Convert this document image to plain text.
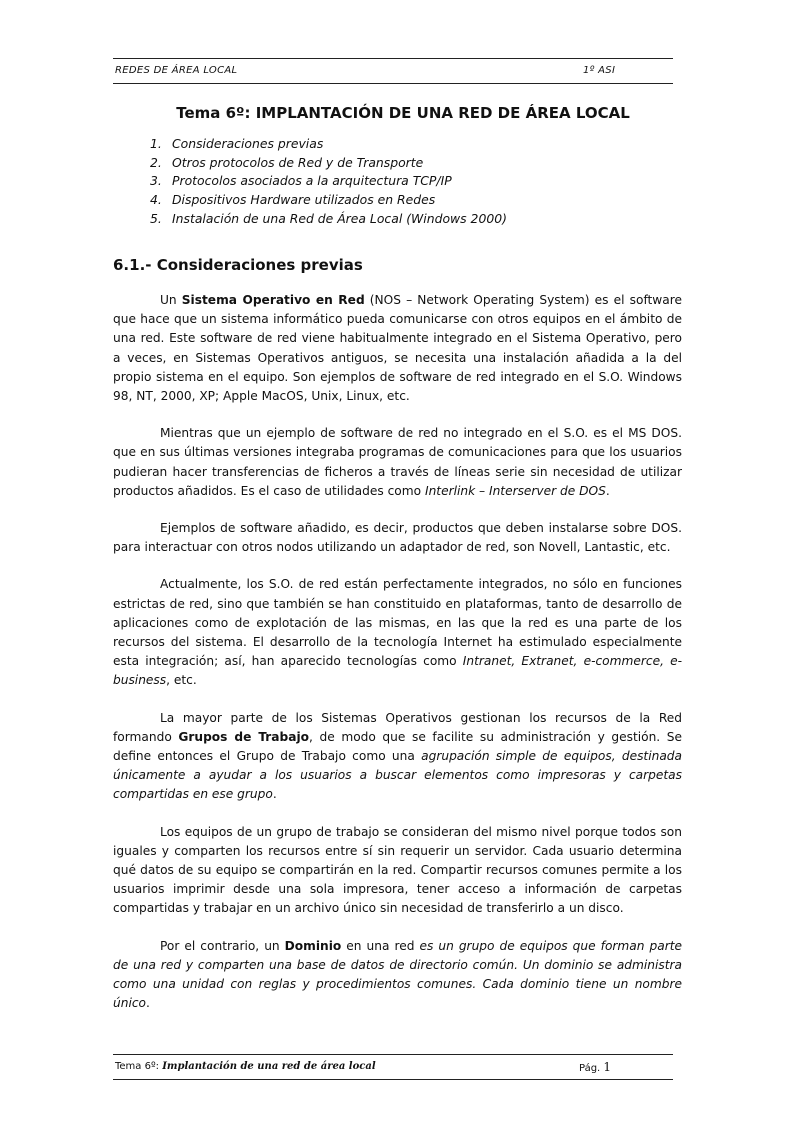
REDES DE ÁREA LOCAL	1º ASI
Tema 6º: IMPLANTACIÓN DE UNA RED DE ÁREA LOCAL
1. Consideraciones previas
2. Otros protocolos de Red y de Transporte
3. Protocolos asociados a la arquitectura TCP/IP
4. Dispositivos Hardware utilizados en Redes
5. Instalación de una Red de Área Local (Windows 2000)
6.1.- Consideraciones previas

Un Sistema Operativo en Red (NOS – Network Operating System) es el software que hace que un sistema informático pueda comunicarse con otros equipos en el ámbito de una red. Este software de red viene habitualmente integrado en el Sistema Operativo, pero a veces, en Sistemas Operativos antiguos, se necesita una instalación añadida a la del propio sistema en el equipo. Son ejemplos de software de red integrado en el S.O. Windows 98, NT, 2000, XP; Apple MacOS, Unix, Linux, etc.

Mientras que un ejemplo de software de red no integrado en el S.O. es el MS DOS. que en sus últimas versiones integraba programas de comunicaciones para que los usuarios pudieran hacer transferencias de ficheros a través de líneas serie sin necesidad de utilizar productos añadidos. Es el caso de utilidades como Interlink – Interserver de DOS.

Ejemplos de software añadido, es decir, productos que deben instalarse sobre DOS. para interactuar con otros nodos utilizando un adaptador de red, son Novell, Lantastic, etc.

Actualmente, los S.O. de red están perfectamente integrados, no sólo en funciones estrictas de red, sino que también se han constituido en plataformas, tanto de desarrollo de aplicaciones como de explotación de las mismas, en las que la red es una parte de los recursos del sistema. El desarrollo de la tecnología Internet ha estimulado especialmente esta integración; así, han aparecido tecnologías como Intranet, Extranet, e-commerce, e-business, etc.

La mayor parte de los Sistemas Operativos gestionan los recursos de la Red formando Grupos de Trabajo, de modo que se facilite su administración y gestión. Se define entonces el Grupo de Trabajo como una agrupación simple de equipos, destinada únicamente a ayudar a los usuarios a buscar elementos como impresoras y carpetas compartidas en ese grupo.

Los equipos de un grupo de trabajo se consideran del mismo nivel porque todos son iguales y comparten los recursos entre sí sin requerir un servidor. Cada usuario determina qué datos de su equipo se compartirán en la red. Compartir recursos comunes permite a los usuarios imprimir desde una sola impresora, tener acceso a información de carpetas compartidas y trabajar en un archivo único sin necesidad de transferirlo a un disco.

Por el contrario, un Dominio en una red es un grupo de equipos que forman parte de una red y comparten una base de datos de directorio común. Un dominio se administra como una unidad con reglas y procedimientos comunes. Cada dominio tiene un nombre único.

Tema 6º: Implantación de una red de área local	Pág. 1
